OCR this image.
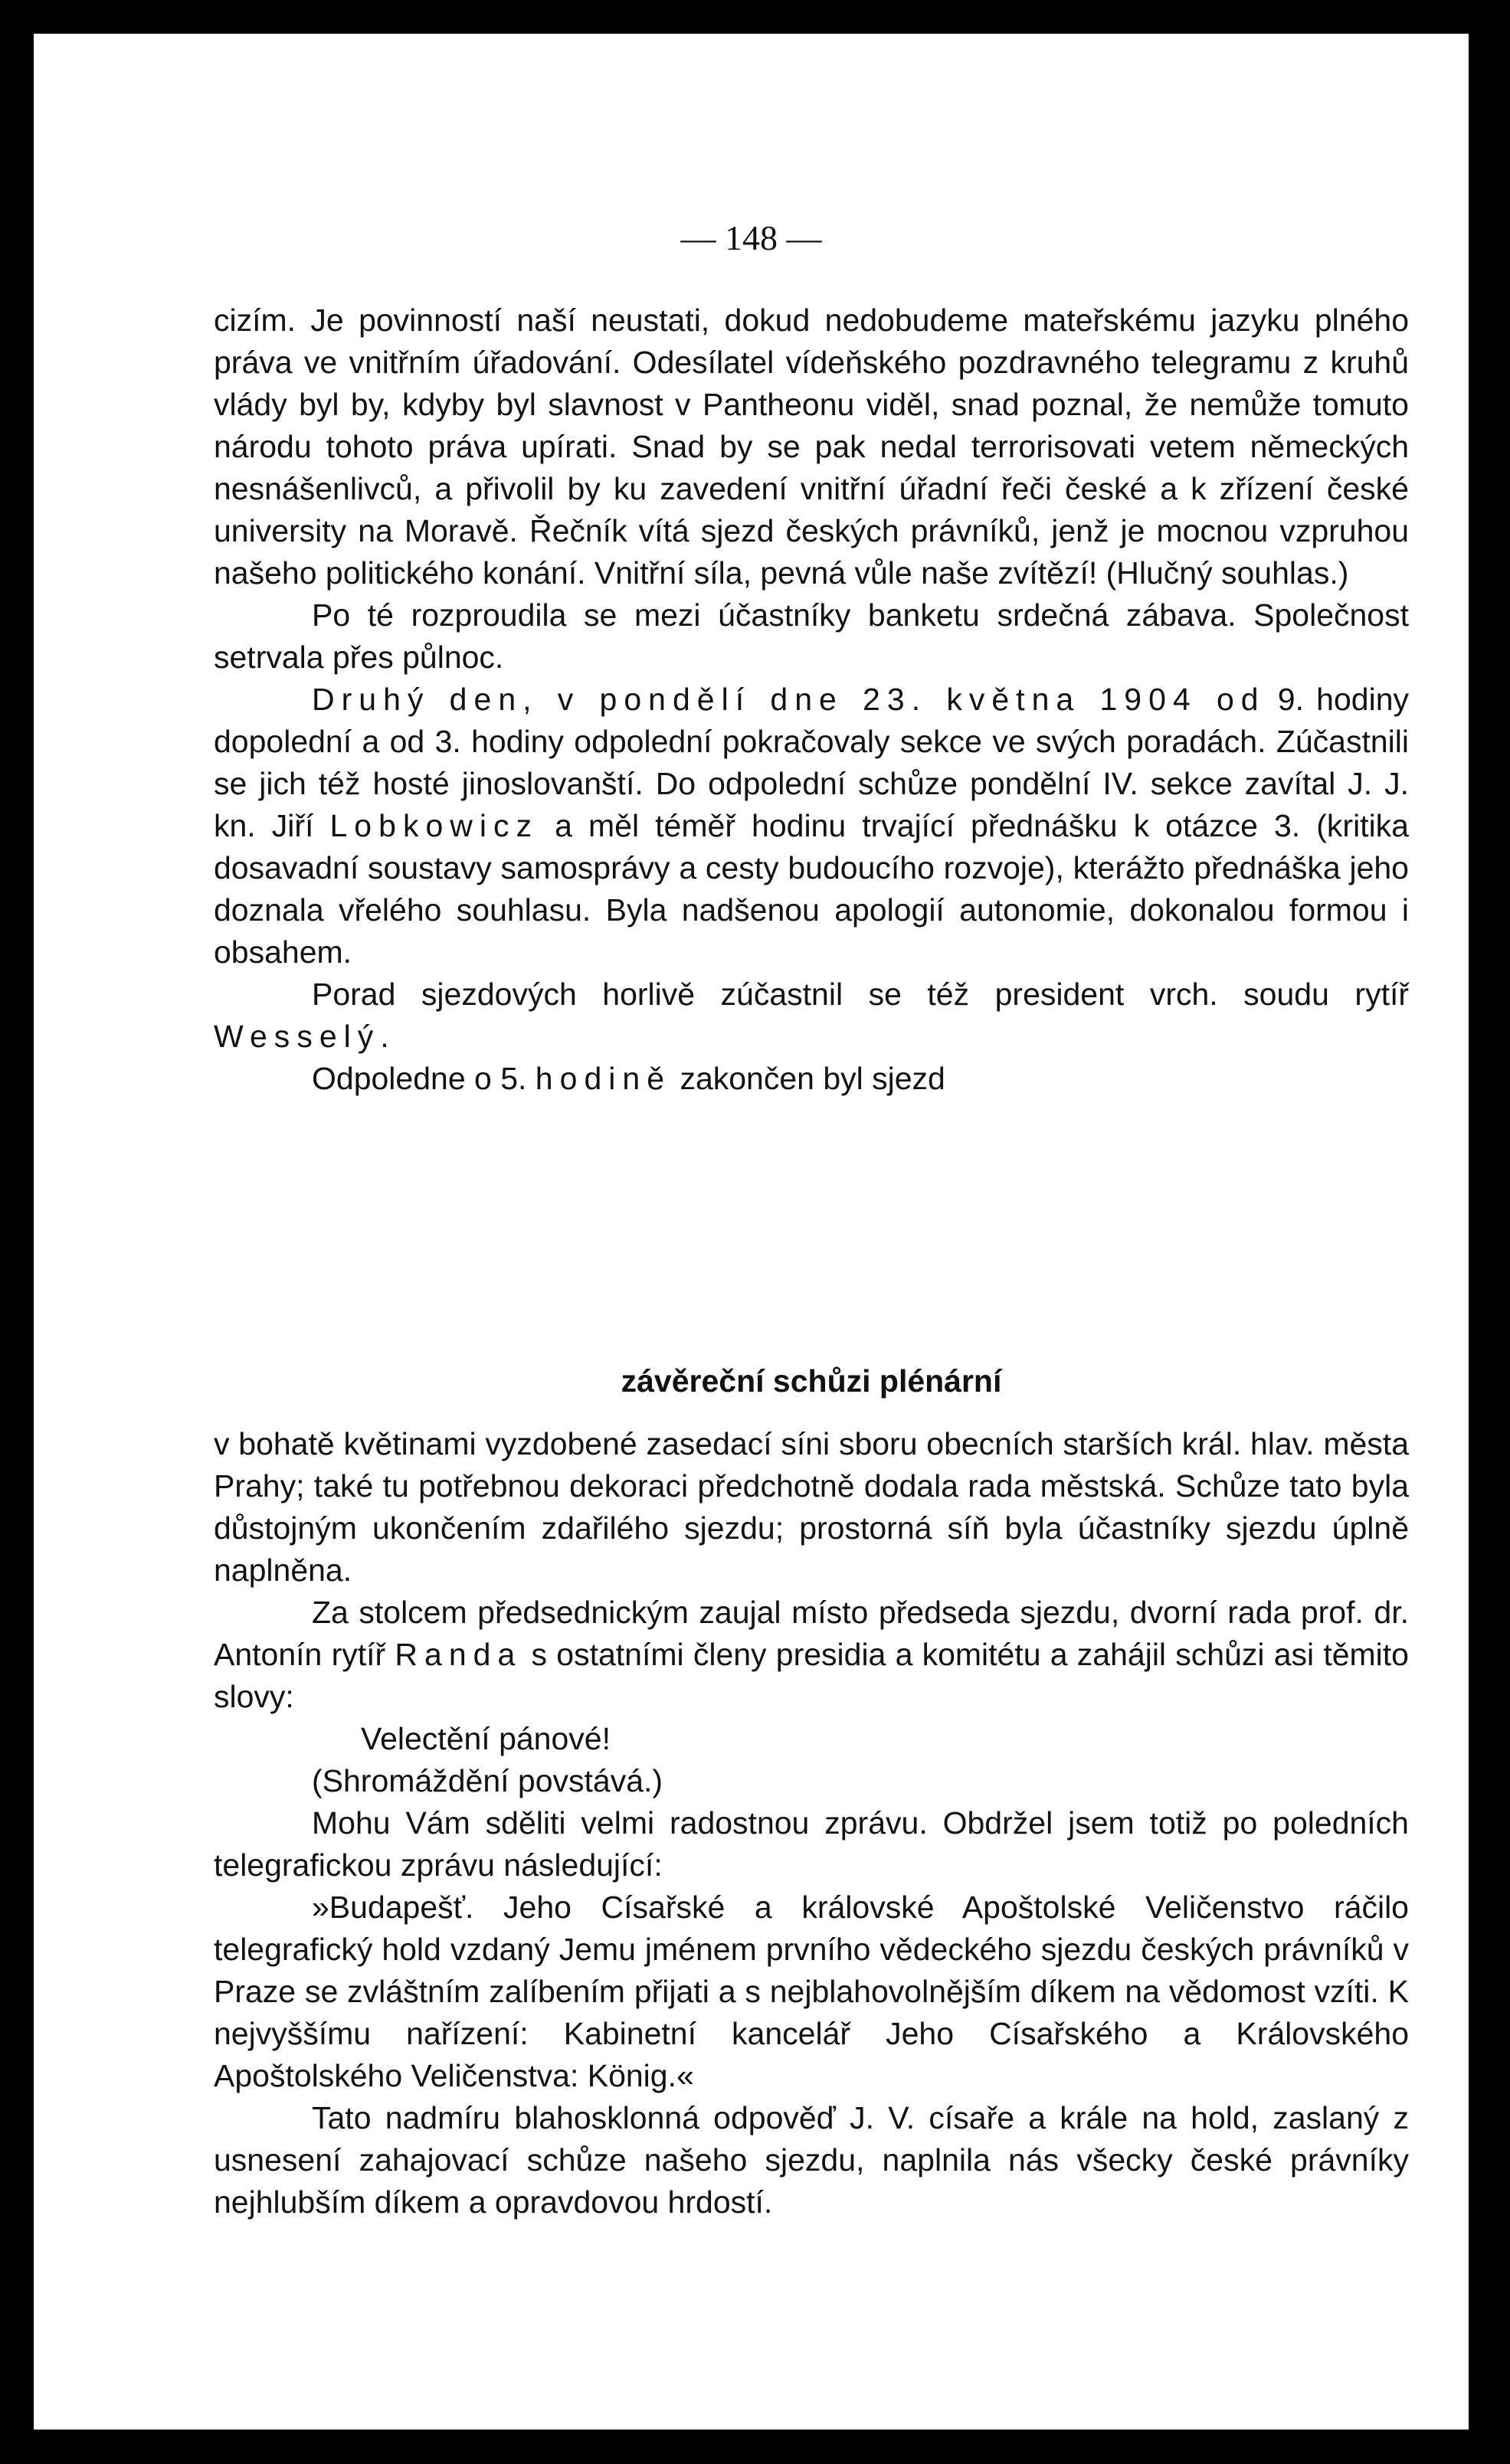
— 148 —

cizím. Je povinností naší neustati, dokud nedobudeme mateřskému jazyku plného práva ve vnitřním úřadování. Odesílatel vídeňského pozdravného telegramu z kruhů vlády byl by, kdyby byl slavnost v Pantheonu viděl, snad poznal, že nemůže tomuto národu tohoto práva upírati. Snad by se pak nedal terrorisovati vetem německých nesnášenlivců, a přivolil by ku zavedení vnitřní úřadní řeči české a k zřízení české university na Moravě. Řečník vítá sjezd českých právníků, jenž je mocnou vzpruhou našeho politického konání. Vnitřní síla, pevná vůle naše zvítězí! (Hlučný souhlas.)

Po té rozproudila se mezi účastníky banketu srdečná zábava. Společnost setrvala přes půlnoc.

Druhý den, v pondělí dne 23. května 1904 od 9. hodiny dopolední a od 3. hodiny odpolední pokračovaly sekce ve svých poradách. Zúčastnili se jich též hosté jinoslovanští. Do odpolední schůze pondělní IV. sekce zavítal J. J. kn. Jiří Lobkowicz a měl téměř hodinu trvající přednášku k otázce 3. (kritika dosavadní soustavy samosprávy a cesty budoucího rozvoje), kterážto přednáška jeho doznala vřelého souhlasu. Byla nadšenou apologií autonomie, dokonalou formou i obsahem.

Porad sjezdových horlivě zúčastnil se též president vrch. soudu rytíř Wesselý.

Odpoledne o 5. hodině zakončen byl sjezd

závěreční schůzi plénární

v bohatě květinami vyzdobené zasedací síni sboru obecních starších král. hlav. města Prahy; také tu potřebnou dekoraci předchotně dodala rada městská. Schůze tato byla důstojným ukončením zdařilého sjezdu; prostorná síň byla účastníky sjezdu úplně naplněna.

Za stolcem předsednickým zaujal místo předseda sjezdu, dvorní rada prof. dr. Antonín rytíř Randa s ostatními členy presidia a komitétu a zahájil schůzi asi těmito slovy:

Velectění pánové!

(Shromáždění povstává.)

Mohu Vám sděliti velmi radostnou zprávu. Obdržel jsem totiž po poledních telegrafickou zprávu následující:

»Budapešť. Jeho Císařské a královské Apoštolské Veličenstvo ráčilo telegrafický hold vzdaný Jemu jménem prvního vědeckého sjezdu českých právníků v Praze se zvláštním zalíbením přijati a s nejblahovolnějším díkem na vědomost vzíti. K nejvyššímu nařízení: Kabinetní kancelář Jeho Císařského a Královského Apoštolského Veličenstva: König.«

Tato nadmíru blahosklonná odpověď J. V. císaře a krále na hold, zaslaný z usnesení zahajovací schůze našeho sjezdu, naplnila nás všecky české právníky nejhlubším díkem a opravdovou hrdostí.
